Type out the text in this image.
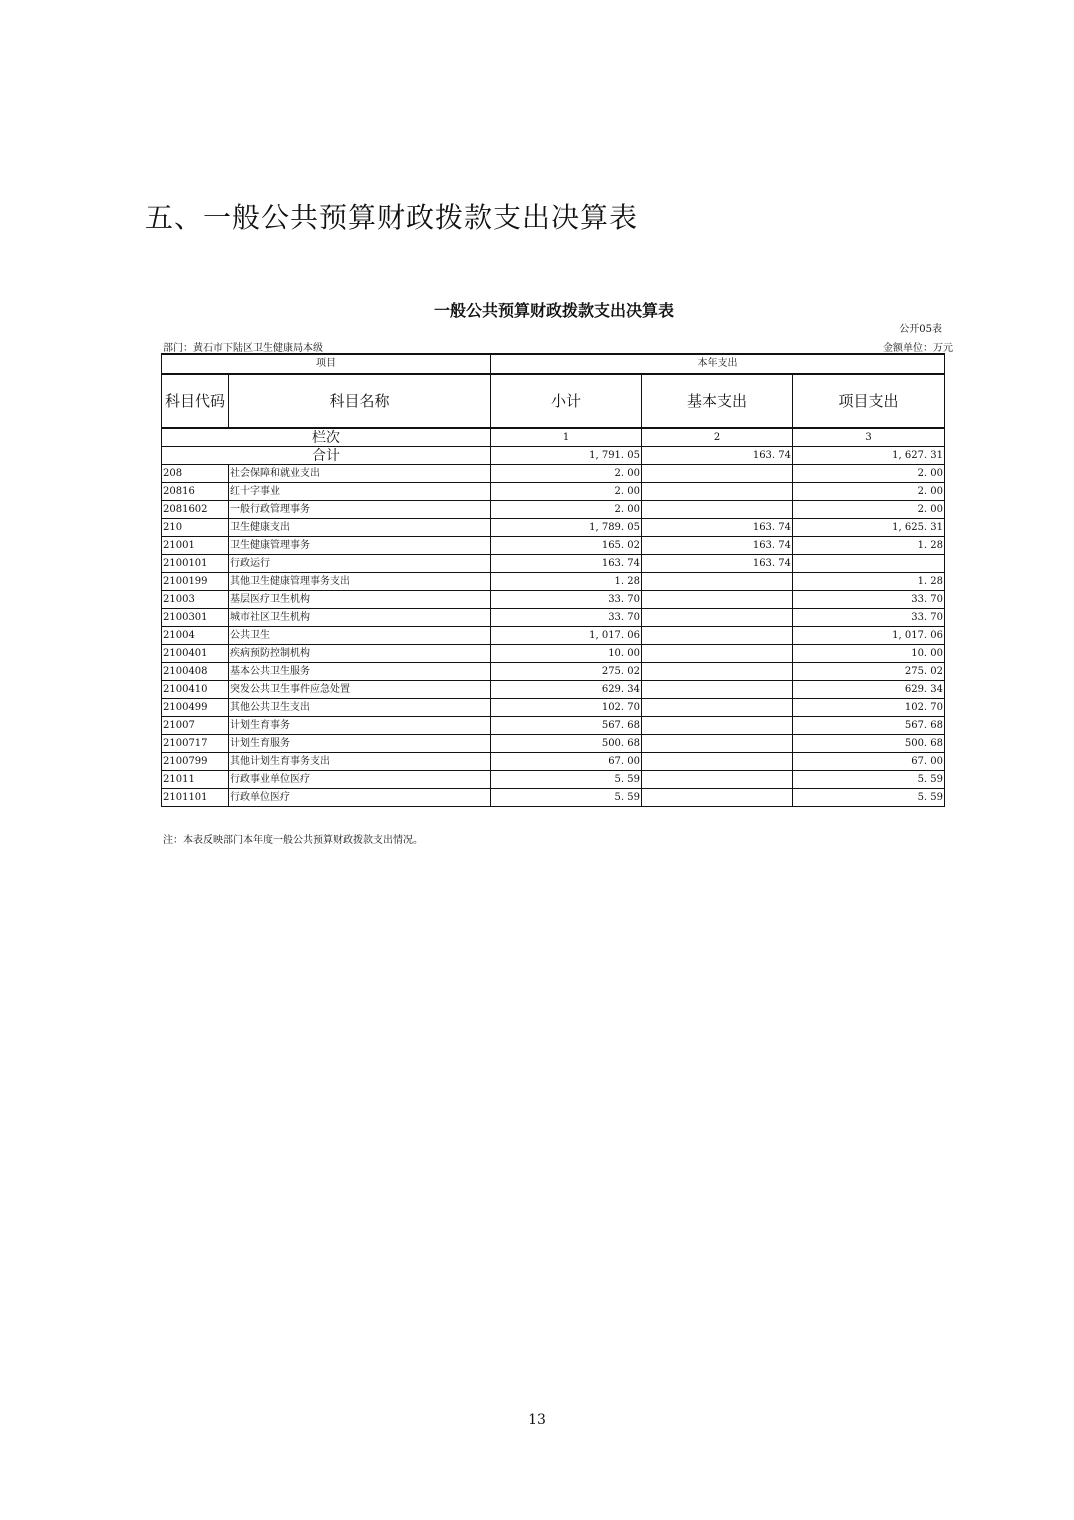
五、一般公共预算财政拨款支出决算表
一般公共预算财政拨款支出决算表
公开05表
部门：黄石市下陆区卫生健康局本级	金额单位：万元
项目		本年支出		
科目代码	科目名称	小计	基本支出	项目支出
栏次		1	2	3
合计		1, 791. 05	163. 74	1, 627. 31
208	社会保障和就业支出	2. 00		2. 00
20816	红十字事业	2. 00		2. 00
2081602	一般行政管理事务	2. 00		2. 00
210	卫生健康支出	1, 789. 05	163. 74	1, 625. 31
21001	卫生健康管理事务	165. 02	163. 74	1. 28
2100101	行政运行	163. 74	163. 74	
2100199	其他卫生健康管理事务支出	1. 28		1. 28
21003	基层医疗卫生机构	33. 70		33. 70
2100301	城市社区卫生机构	33. 70		33. 70
21004	公共卫生	1, 017. 06		1, 017. 06
2100401	疾病预防控制机构	10. 00		10. 00
2100408	基本公共卫生服务	275. 02		275. 02
2100410	突发公共卫生事件应急处置	629. 34		629. 34
2100499	其他公共卫生支出	102. 70		102. 70
21007	计划生育事务	567. 68		567. 68
2100717	计划生育服务	500. 68		500. 68
2100799	其他计划生育事务支出	67. 00		67. 00
21011	行政事业单位医疗	5. 59		5. 59
2101101	行政单位医疗	5. 59		5. 59
注：本表反映部门本年度一般公共预算财政拨款支出情况。
13
